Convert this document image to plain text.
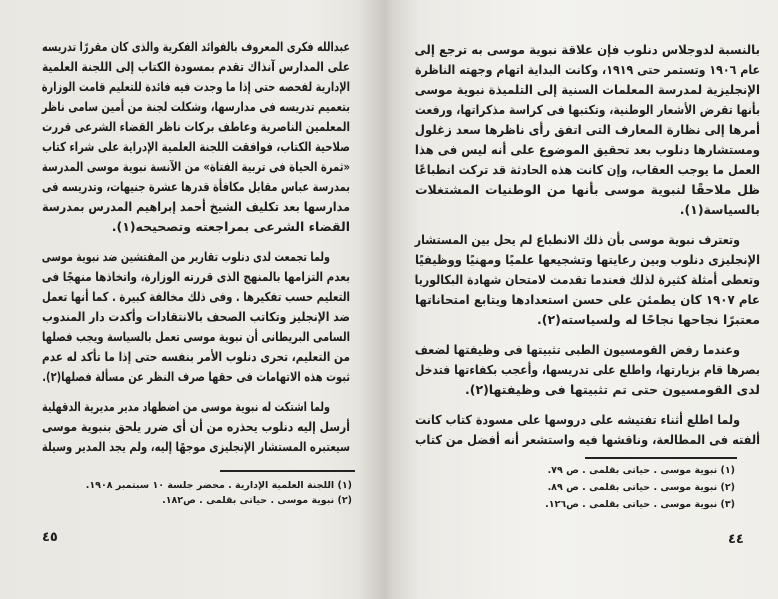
عبدالله فكرى المعروف بالفوائد الفكرية والذى كان مقررًا تدريسه
على المدارس آنذاك تقدم بمسودة الكتاب إلى اللجنة العلمية
الإدارية لفحصه حتى إذا ما وجدت فيه فائدة للتعليم قامت الوزارة
بتعميم تدريسه فى مدارسها، وشكلت لجنة من أمين سامى ناظر
المعلمين الناصرية وعاطف بركات ناظر القضاء الشرعى قررت
صلاحية الكتاب، فوافقت اللجنة العلمية الإدراية على شراء كتاب
«ثمرة الحياة فى تربية الفتاة» من الآنسة نبوية موسى المدرسة
بمدرسة عباس مقابل مكافأة قدرها عشرة جنيهات، وتدريسه فى
مدارسها بعد تكليف الشيخ أحمد إبراهيم المدرس بمدرسة
القضاء الشرعى بمراجعته وتصحيحه(١).
ولما تجمعت لدى دنلوب تقارير من المفتشين ضد نبوية موسى
بعدم التزامها بالمنهج الذى قررته الوزارة، واتخاذها منهجًا فى
التعليم حسب تفكيرها . وفى ذلك مخالفة كبيرة . كما أنها تعمل
ضد الإنجليز وتكاتب الصحف بالانتقادات وأكدت دار المندوب
السامى البريطانى أن نبوية موسى تعمل بالسياسة ويجب فصلها
من التعليم، تحرى دنلوب الأمر بنفسه حتى إذا ما تأكد له عدم
ثبوت هذه الاتهامات فى حقها صرف النظر عن مسألة فصلها(٢).
ولما اشتكت له نبوية موسى من اضطهاد مدير مديرية الدقهلية
أرسل إليه دنلوب يحذره من أن أى ضرر يلحق بنبوية موسى
سيعتبره المستشار الإنجليزى موجهًا إليه، ولم يجد المدير وسيلة
(١) اللجنة العلمية الإدارية . محضر جلسة ١٠ سبتمبر ١٩٠٨.
(٢) نبوية موسى . حياتى بقلمى . ص١٨٢.
٤٥
بالنسبة لدوجلاس دنلوب فإن علاقة نبوية موسى به ترجع إلى
عام ١٩٠٦ وتستمر حتى ١٩١٩، وكانت البداية اتهام وجهته الناظرة
الإنجليزية لمدرسة المعلمات السنية إلى التلميذة نبوية موسى
بأنها تقرض الأشعار الوطنية، وتكتبها فى كراسة مذكراتها، ورفعت
أمرها إلى نظارة المعارف التى اتفق رأى ناظرها سعد زغلول
ومستشارها دنلوب بعد تحقيق الموضوع على أنه ليس فى هذا
العمل ما يوجب العقاب، وإن كانت هذه الحادثة قد تركت انطباعًا
ظل ملاحقًا لنبوية موسى بأنها من الوطنيات المشتغلات
بالسياسة(١).
وتعترف نبوية موسى بأن ذلك الانطباع لم يحل بين المستشار
الإنجليزى دنلوب وبين رعايتها وتشجيعها علميًا ومهنيًا ووظيفيًا
وتعطى أمثلة كثيرة لذلك فعندما تقدمت لامتحان شهادة البكالوريا
عام ١٩٠٧ كان يطمئن على حسن استعدادها ويتابع امتحاناتها
معتبرًا نجاحها نجاحًا له ولسياسته(٢).
وعندما رفض القومسيون الطبى تثبيتها فى وظيفتها لضعف
بصرها قام بزيارتها، واطلع على تدريسها، وأعجب بكفاءتها فتدخل
لدى القومسيون حتى تم تثبيتها فى وظيفتها(٢).
ولما اطلع أثناء تفتيشه على دروسها على مسودة كتاب كانت
ألفته فى المطالعة، وناقشها فيه واستشعر أنه أفضل من كتاب
(١) نبوية موسى . حياتى بقلمى . ص ٧٩.
(٢) نبوية موسى . حياتى بقلمى . ص ٨٩.
(٣) نبوية موسى . حياتى بقلمى . ص١٢٦.
٤٤
